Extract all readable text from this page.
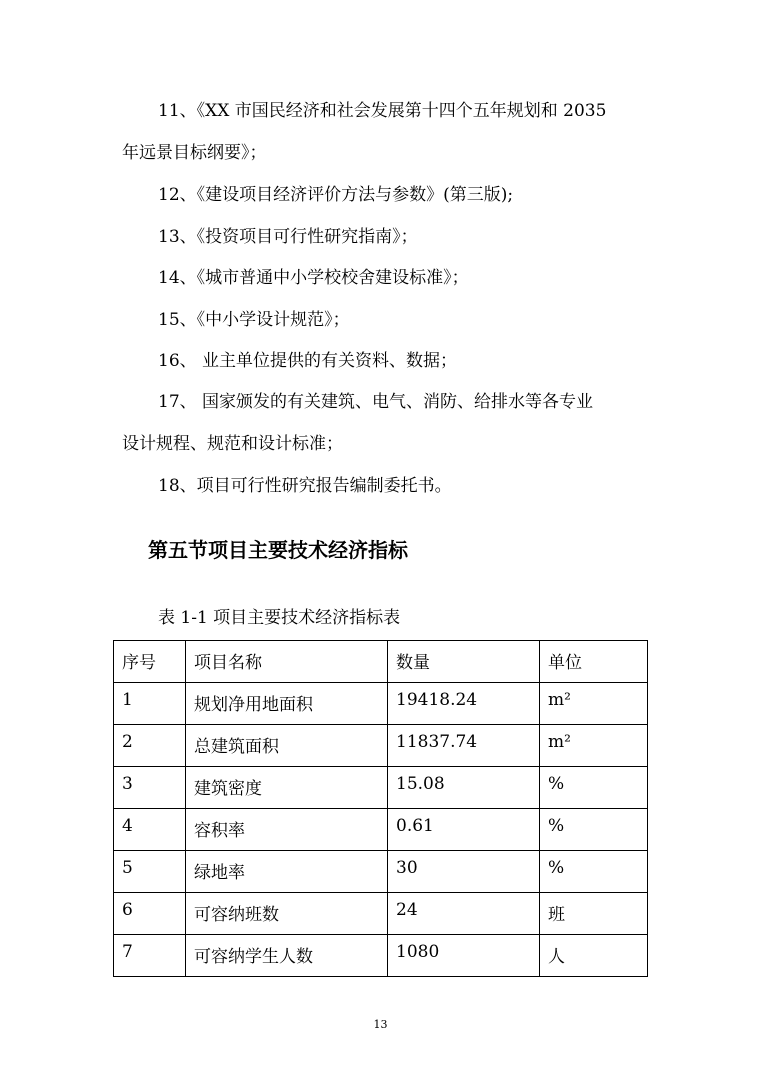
11、《XX 市国民经济和社会发展第十四个五年规划和 2035
年远景目标纲要》；
12、《建设项目经济评价方法与参数》(第三版);
13、《投资项目可行性研究指南》；
14、《城市普通中小学校校舍建设标准》；
15、《中小学设计规范》；
16、 业主单位提供的有关资料、数据；
17、 国家颁发的有关建筑、电气、消防、给排水等各专业
设计规程、规范和设计标准；
18、项目可行性研究报告编制委托书。
第五节项目主要技术经济指标
表 1-1 项目主要技术经济指标表
序号	项目名称	数量	单位
1	规划净用地面积	19418.24	m²
2	总建筑面积	11837.74	m²
3	建筑密度	15.08	%
4	容积率	0.61	%
5	绿地率	30	%
6	可容纳班数	24	班
7	可容纳学生人数	1080	人
13
